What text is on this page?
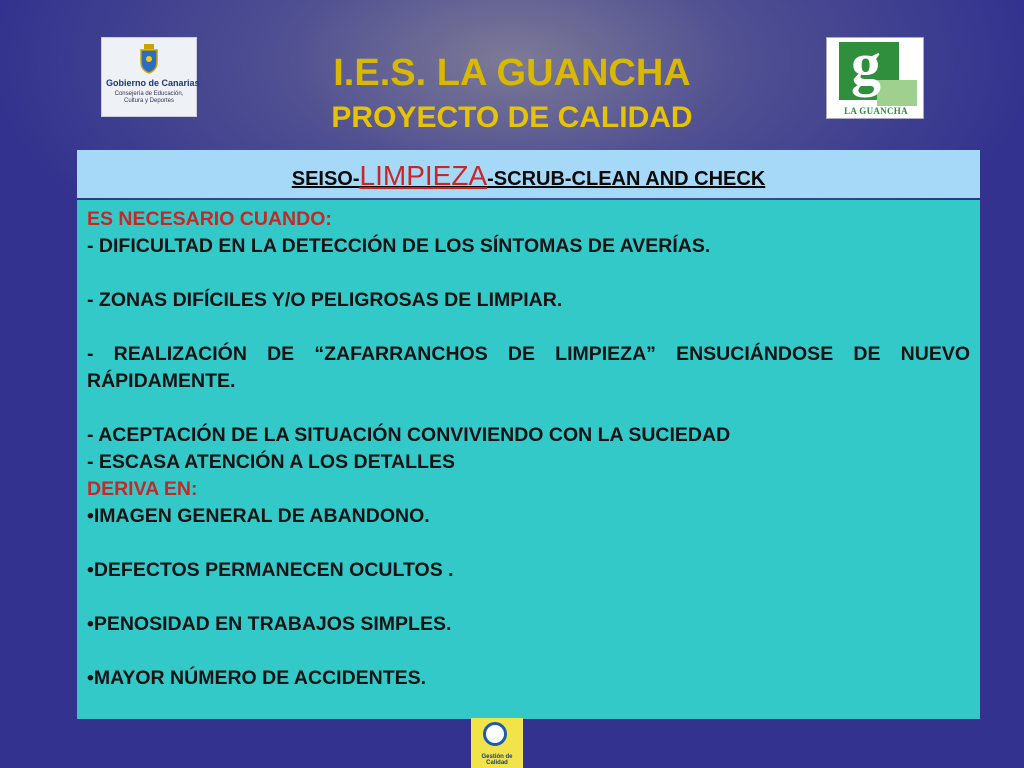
Gobierno de Canarias
Consejería de Educación,
Cultura y Deportes
I.E.S. LA GUANCHA
PROYECTO DE CALIDAD
g
LA GUANCHA
SEISO-LIMPIEZA-SCRUB-CLEAN AND CHECK

ES NECESARIO CUANDO:

- DIFICULTAD EN LA DETECCIÓN DE LOS SÍNTOMAS DE AVERÍAS.

- ZONAS DIFÍCILES Y/O PELIGROSAS DE LIMPIAR.

- REALIZACIÓN DE “ZAFARRANCHOS DE LIMPIEZA” ENSUCIÁNDOSE DE NUEVO RÁPIDAMENTE.

- ACEPTACIÓN DE LA SITUACIÓN CONVIVIENDO CON LA SUCIEDAD

- ESCASA ATENCIÓN A LOS DETALLES

DERIVA EN:

•IMAGEN GENERAL DE ABANDONO.

•DEFECTOS PERMANECEN OCULTOS .

•PENOSIDAD EN TRABAJOS SIMPLES.

•MAYOR NÚMERO DE ACCIDENTES.

Gestión de Calidad
